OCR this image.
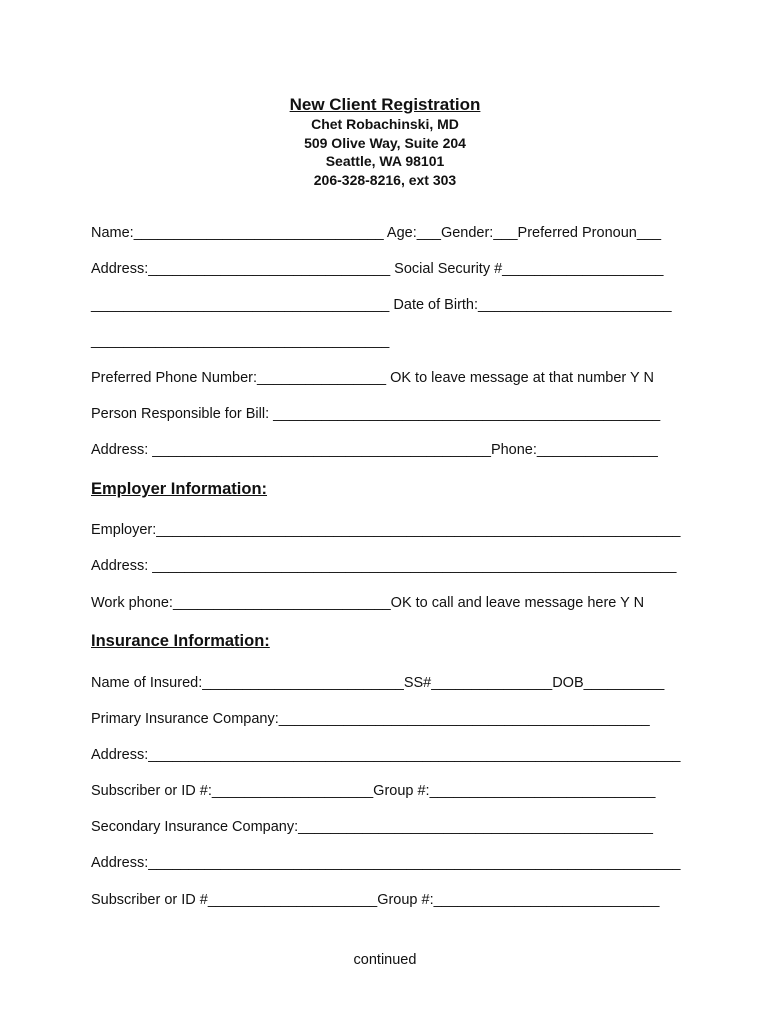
New Client Registration
Chet Robachinski, MD
509 Olive Way, Suite 204
Seattle, WA 98101
206-328-8216, ext 303
Name:_______________________________ Age:___Gender:___Preferred Pronoun___
Address:______________________________ Social Security #____________________
_____________________________________ Date of Birth:________________________
_____________________________________
Preferred Phone Number:________________ OK to leave message at that number Y N
Person Responsible for Bill: ________________________________________________
Address: __________________________________________Phone:_______________
Employer Information:
Employer:_________________________________________________________________
Address: _________________________________________________________________
Work phone:___________________________OK to call and leave message here Y N
Insurance Information:
Name of Insured:_________________________SS#_______________DOB__________
Primary Insurance Company:______________________________________________
Address:__________________________________________________________________
Subscriber or ID #:____________________Group #:____________________________
Secondary Insurance Company:____________________________________________
Address:__________________________________________________________________
Subscriber or ID #_____________________Group #:____________________________
continued
